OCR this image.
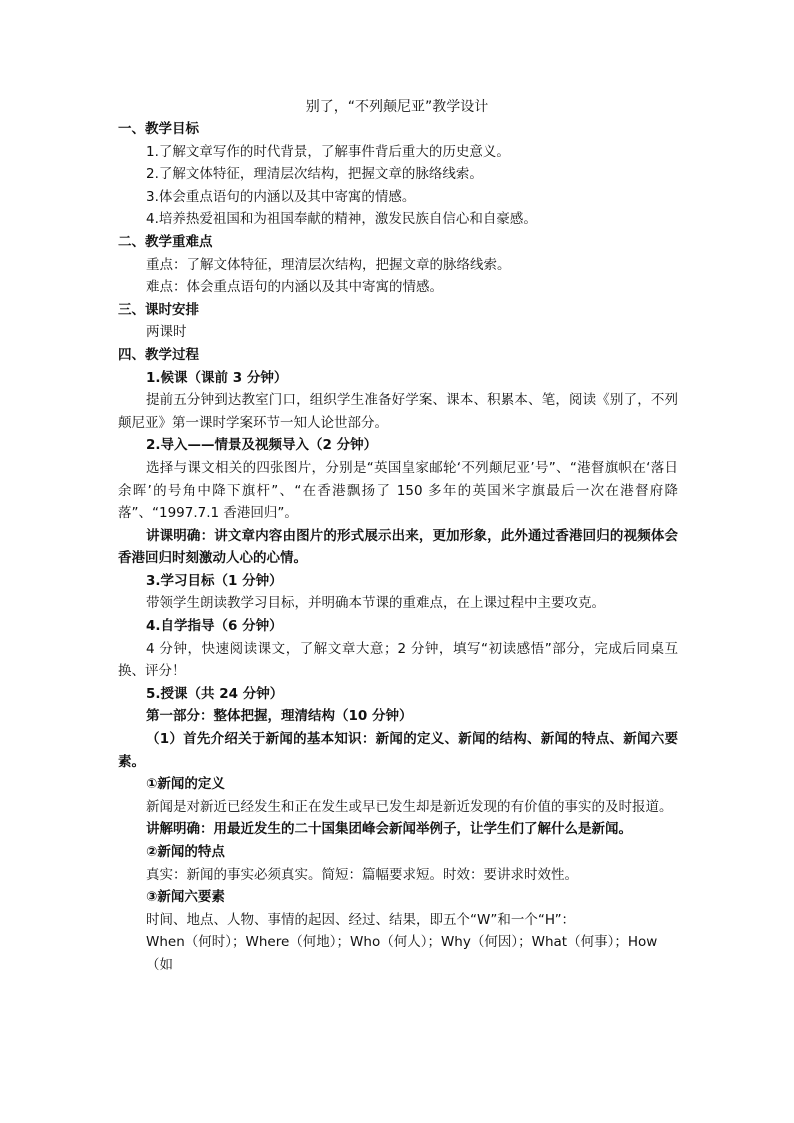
别了，“不列颠尼亚”教学设计

一、教学目标

1.了解文章写作的时代背景，了解事件背后重大的历史意义。

2.了解文体特征，理清层次结构，把握文章的脉络线索。

3.体会重点语句的内涵以及其中寄寓的情感。

4.培养热爱祖国和为祖国奉献的精神，激发民族自信心和自豪感。

二、教学重难点

重点：了解文体特征，理清层次结构，把握文章的脉络线索。

难点：体会重点语句的内涵以及其中寄寓的情感。

三、课时安排

两课时

四、教学过程

1.候课（课前 3 分钟）

提前五分钟到达教室门口，组织学生准备好学案、课本、积累本、笔，阅读《别了，不列颠尼亚》第一课时学案环节一知人论世部分。

2.导入——情景及视频导入（2 分钟）

选择与课文相关的四张图片，分别是“英国皇家邮轮‘不列颠尼亚’号”、“港督旗帜在‘落日余晖’的号角中降下旗杆”、“在香港飘扬了 150 多年的英国米字旗最后一次在港督府降落”、“1997.7.1 香港回归”。

讲课明确：讲文章内容由图片的形式展示出来，更加形象，此外通过香港回归的视频体会香港回归时刻激动人心的心情。

3.学习目标（1 分钟）

带领学生朗读教学习目标，并明确本节课的重难点，在上课过程中主要攻克。

4.自学指导（6 分钟）

4 分钟，快速阅读课文，了解文章大意；2 分钟，填写“初读感悟”部分，完成后同桌互换、评分！

5.授课（共 24 分钟）

第一部分：整体把握，理清结构（10 分钟）

（1）首先介绍关于新闻的基本知识：新闻的定义、新闻的结构、新闻的特点、新闻六要素。

①新闻的定义

新闻是对新近已经发生和正在发生或早已发生却是新近发现的有价值的事实的及时报道。

讲解明确：用最近发生的二十国集团峰会新闻举例子，让学生们了解什么是新闻。

②新闻的特点

真实：新闻的事实必须真实。简短：篇幅要求短。时效：要讲求时效性。

③新闻六要素

时间、地点、人物、事情的起因、经过、结果，即五个“W”和一个“H”：

When（何时）；Where（何地）；Who（何人）；Why（何因）；What（何事）；How（如
